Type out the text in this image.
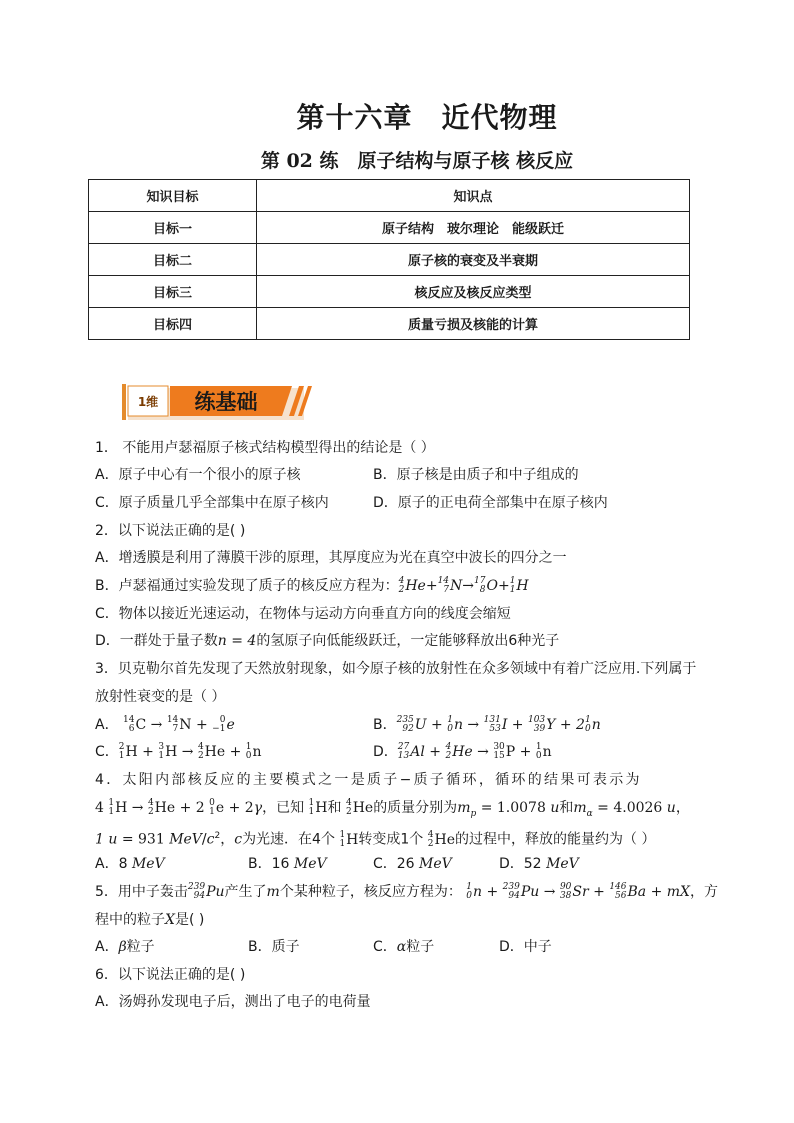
第十六章　近代物理
第 02 练　原子结构与原子核 核反应
知识目标	知识点
目标一	原子结构　玻尔理论　能级跃迁
目标二	原子核的衰变及半衰期
目标三	核反应及核反应类型
目标四	质量亏损及核能的计算
1维 练基础
1． 不能用卢瑟福原子核式结构模型得出的结论是（ ）
A．原子中心有一个很小的原子核	B．原子核是由质子和中子组成的
C．原子质量几乎全部集中在原子核内	D．原子的正电荷全部集中在原子核内
2．以下说法正确的是( )
A．增透膜是利用了薄膜干涉的原理，其厚度应为光在真空中波长的四分之一
B．卢瑟福通过实验发现了质子的核反应方程为： 4
2 He+ 14
7 N→ 17
8 O+ 1
1 H
C．物体以接近光速运动，在物体与运动方向垂直方向的线度会缩短
D．一群处于量子数n = 4的氢原子向低能级跃迁，一定能够释放出6种光子
3．贝克勒尔首先发现了天然放射现象，如今原子核的放射性在众多领域中有着广泛应用.下列属于
放射性衰变的是（ ）
A． 14
6 C → 14
7 N + 0
−1 e	B． 235
92 U + 1
0 n → 131
53 I + 103
39 Y + 2 1
0 n
C． 2
1 H + 3
1 H → 4
2 He + 1
0 n	D． 27
13 Al + 4
2 He → 30
15 P + 1
0 n
4．太阳内部核反应的主要模式之一是质子−质子循环，循环的结果可表示为
4 1
1 H → 4
2 He + 2 0
1 e + 2γ，已知 1
1 H和 4
2 He的质量分别为$m_p = 1.0078$ u和$m_\alpha = 4.0026$ u，
1 u = 931 MeV/$c^2$，c为光速．在4个 1
1 H转变成1个 4
2 He的过程中，释放的能量约为（ ）
A．8 MeV	B．16 MeV	C．26 MeV	D．52 MeV
5．用中子轰击 239
94 Pu产生了m个某种粒子，核反应方程为： 1
0 n + 239
94 Pu → 90
38 Sr + 146
56 Ba + mX，方
程中的粒子X是( )
A．β粒子	B．质子	C．α粒子	D．中子
6．以下说法正确的是( )
A．汤姆孙发现电子后，测出了电子的电荷量
